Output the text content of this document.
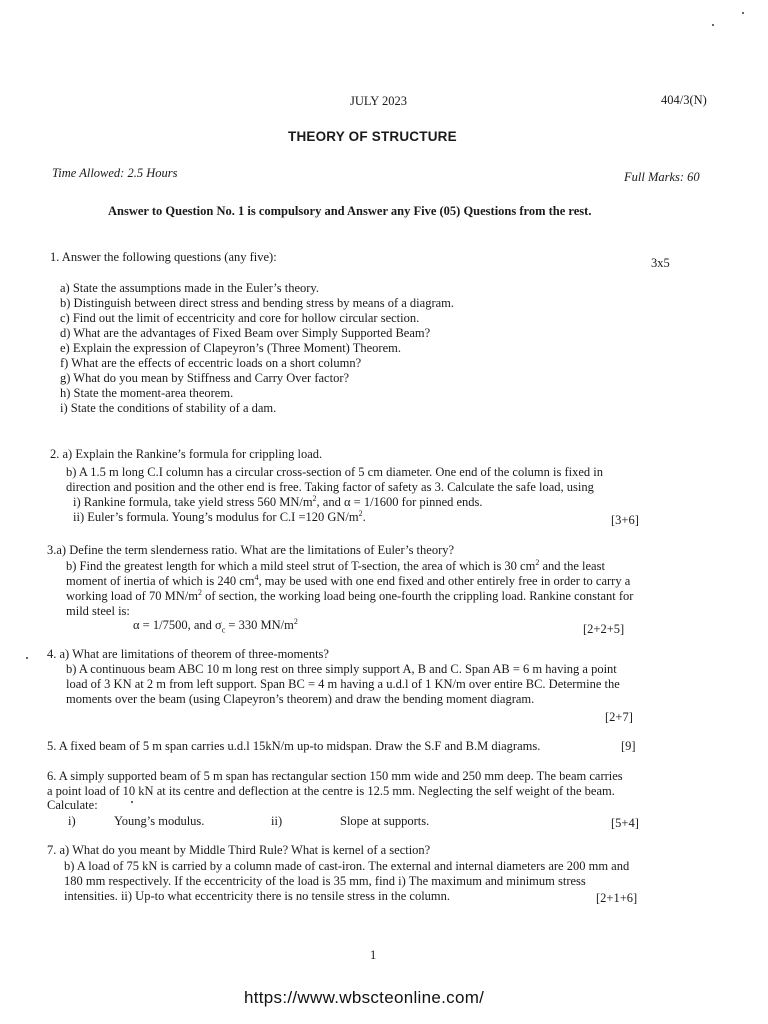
JULY 2023	404/3(N)
THEORY OF STRUCTURE
Time Allowed: 2.5 Hours	Full Marks: 60
Answer to Question No. 1 is compulsory and Answer any Five (05) Questions from the rest.
1. Answer the following questions (any five):	3x5
a) State the assumptions made in the Euler’s theory.
b) Distinguish between direct stress and bending stress by means of a diagram.
c) Find out the limit of eccentricity and core for hollow circular section.
d) What are the advantages of Fixed Beam over Simply Supported Beam?
e) Explain the expression of Clapeyron’s (Three Moment) Theorem.
f) What are the effects of eccentric loads on a short column?
g) What do you mean by Stiffness and Carry Over factor?
h) State the moment-area theorem.
i) State the conditions of stability of a dam.
2. a) Explain the Rankine’s formula for crippling load.
b) A 1.5 m long C.I column has a circular cross-section of 5 cm diameter. One end of the column is fixed in
direction and position and the other end is free. Taking factor of safety as 3. Calculate the safe load, using
i) Rankine formula, take yield stress 560 $MN/m^2$, and α = 1/1600 for pinned ends.
ii) Euler’s formula. Young’s modulus for C.I =120 $GN/m^2$.	[3+6]
3.a) Define the term slenderness ratio. What are the limitations of Euler’s theory?
b) Find the greatest length for which a mild steel strut of T-section, the area of which is 30 $cm^2$ and the least
moment of inertia of which is 240 $cm^4$, may be used with one end fixed and other entirely free in order to carry a
working load of 70 $MN/m^2$ of section, the working load being one-fourth the crippling load. Rankine constant for
mild steel is:
α = 1/7500, and $\sigma_c = 330$ $MN/m^2$
[2+2+5]
4. a) What are limitations of theorem of three-moments?
b) A continuous beam ABC 10 m long rest on three simply support A, B and C. Span AB = 6 m having a point
load of 3 KN at 2 m from left support. Span BC = 4 m having a u.d.l of 1 KN/m over entire BC. Determine the
moments over the beam (using Clapeyron’s theorem) and draw the bending moment diagram.
[2+7]
5. A fixed beam of 5 m span carries u.d.l 15kN/m up-to midspan. Draw the S.F and B.M diagrams.	[9]
6. A simply supported beam of 5 m span has rectangular section 150 mm wide and 250 mm deep. The beam carries
a point load of 10 kN at its centre and deflection at the centre is 12.5 mm. Neglecting the self weight of the beam.
Calculate:
i)	Young’s modulus.	ii)	Slope at supports.	[5+4]
7. a) What do you meant by Middle Third Rule? What is kernel of a section?
b) A load of 75 kN is carried by a column made of cast-iron. The external and internal diameters are 200 mm and
180 mm respectively. If the eccentricity of the load is 35 mm, find i) The maximum and minimum stress
intensities. ii) Up-to what eccentricity there is no tensile stress in the column.	[2+1+6]
1
https://www.wbscteonline.com/
